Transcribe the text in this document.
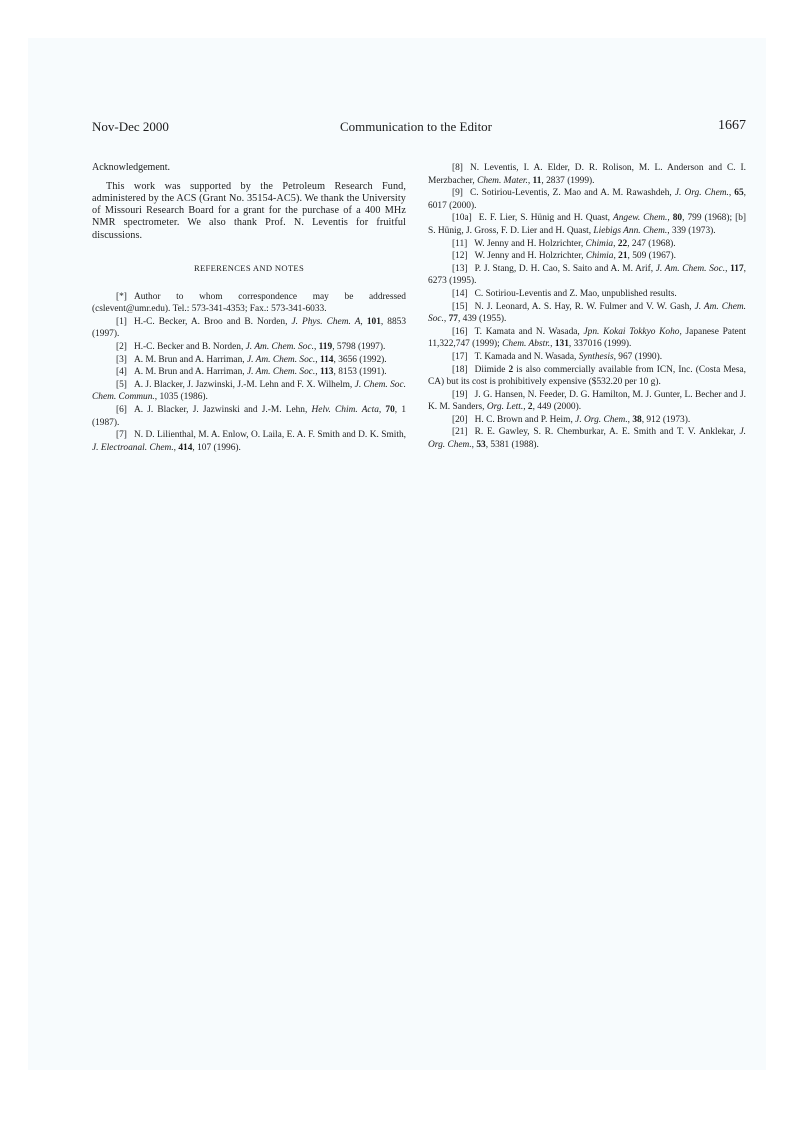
Nov-Dec 2000	Communication to the Editor	1667
Acknowledgement.

This work was supported by the Petroleum Research Fund, administered by the ACS (Grant No. 35154-AC5). We thank the University of Missouri Research Board for a grant for the purchase of a 400 MHz NMR spectrometer. We also thank Prof. N. Leventis for fruitful discussions.

REFERENCES AND NOTES

[*] Author to whom correspondence may be addressed (cslevent@umr.edu). Tel.: 573-341-4353; Fax.: 573-341-6033.

[1] H.-C. Becker, A. Broo and B. Norden, J. Phys. Chem. A, 101, 8853 (1997).

[2] H.-C. Becker and B. Norden, J. Am. Chem. Soc., 119, 5798 (1997).

[3] A. M. Brun and A. Harriman, J. Am. Chem. Soc., 114, 3656 (1992).

[4] A. M. Brun and A. Harriman, J. Am. Chem. Soc., 113, 8153 (1991).

[5] A. J. Blacker, J. Jazwinski, J.-M. Lehn and F. X. Wilhelm, J. Chem. Soc. Chem. Commun., 1035 (1986).

[6] A. J. Blacker, J. Jazwinski and J.-M. Lehn, Helv. Chim. Acta, 70, 1 (1987).

[7] N. D. Lilienthal, M. A. Enlow, O. Laila, E. A. F. Smith and D. K. Smith, J. Electroanal. Chem., 414, 107 (1996).

[8] N. Leventis, I. A. Elder, D. R. Rolison, M. L. Anderson and C. I. Merzbacher, Chem. Mater., 11, 2837 (1999).

[9] C. Sotiriou-Leventis, Z. Mao and A. M. Rawashdeh, J. Org. Chem., 65, 6017 (2000).

[10a] E. F. Lier, S. Hünig and H. Quast, Angew. Chem., 80, 799 (1968); [b] S. Hünig, J. Gross, F. D. Lier and H. Quast, Liebigs Ann. Chem., 339 (1973).

[11] W. Jenny and H. Holzrichter, Chimia, 22, 247 (1968).

[12] W. Jenny and H. Holzrichter, Chimia, 21, 509 (1967).

[13] P. J. Stang, D. H. Cao, S. Saito and A. M. Arif, J. Am. Chem. Soc., 117, 6273 (1995).

[14] C. Sotiriou-Leventis and Z. Mao, unpublished results.

[15] N. J. Leonard, A. S. Hay, R. W. Fulmer and V. W. Gash, J. Am. Chem. Soc., 77, 439 (1955).

[16] T. Kamata and N. Wasada, Jpn. Kokai Tokkyo Koho, Japanese Patent 11,322,747 (1999); Chem. Abstr., 131, 337016 (1999).

[17] T. Kamada and N. Wasada, Synthesis, 967 (1990).

[18] Diimide 2 is also commercially available from ICN, Inc. (Costa Mesa, CA) but its cost is prohibitively expensive ($532.20 per 10 g).

[19] J. G. Hansen, N. Feeder, D. G. Hamilton, M. J. Gunter, L. Becher and J. K. M. Sanders, Org. Lett., 2, 449 (2000).

[20] H. C. Brown and P. Heim, J. Org. Chem., 38, 912 (1973).

[21] R. E. Gawley, S. R. Chemburkar, A. E. Smith and T. V. Anklekar, J. Org. Chem., 53, 5381 (1988).
